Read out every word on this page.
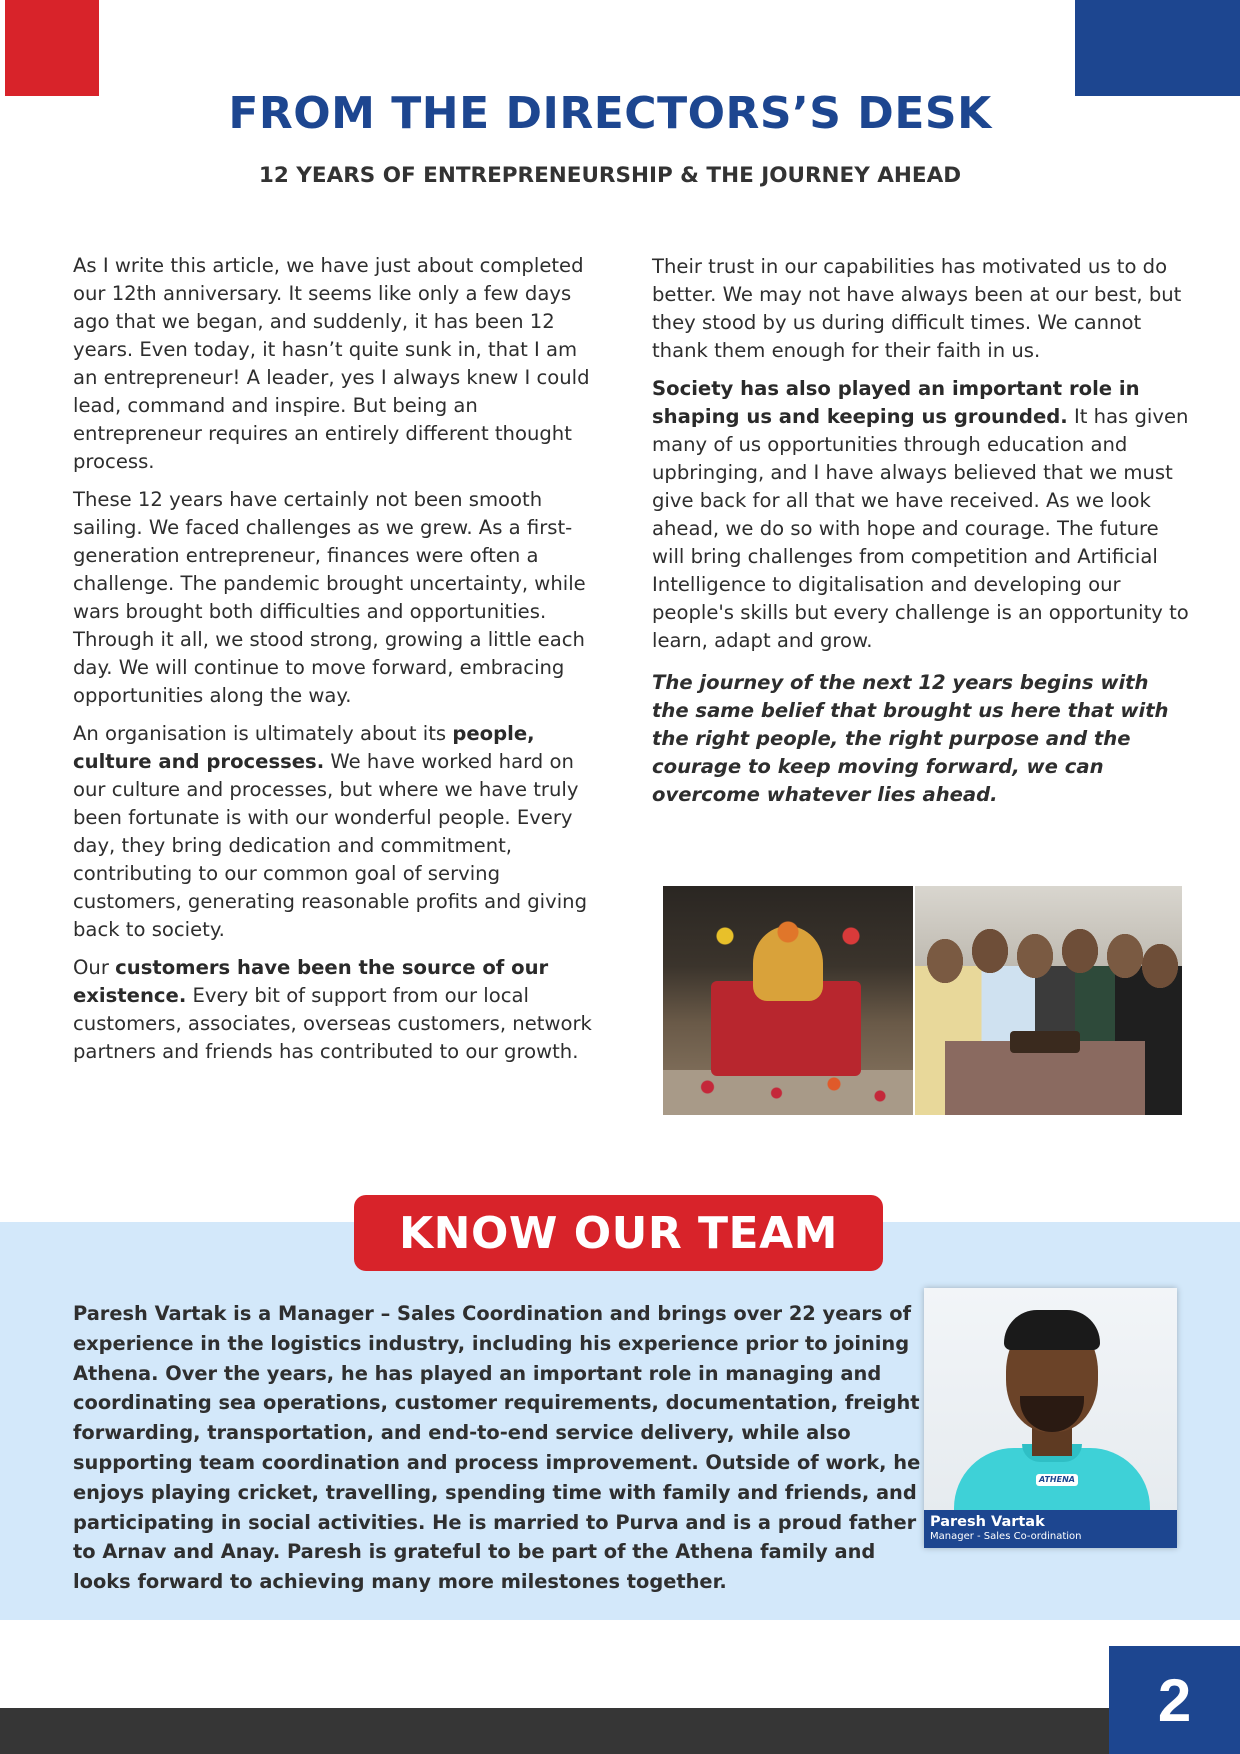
FROM THE DIRECTORS’S DESK
12 YEARS OF ENTREPRENEURSHIP & THE JOURNEY AHEAD

As I write this article, we have just about completed our 12th anniversary. It seems like only a few days ago that we began, and suddenly, it has been 12 years. Even today, it hasn’t quite sunk in, that I am an entrepreneur! A leader, yes I always knew I could lead, command and inspire. But being an entrepreneur requires an entirely different thought process.

These 12 years have certainly not been smooth sailing. We faced challenges as we grew. As a first-generation entrepreneur, finances were often a challenge. The pandemic brought uncertainty, while wars brought both difficulties and opportunities. Through it all, we stood strong, growing a little each day. We will continue to move forward, embracing opportunities along the way.

An organisation is ultimately about its people, culture and processes. We have worked hard on our culture and processes, but where we have truly been fortunate is with our wonderful people. Every day, they bring dedication and commitment, contributing to our common goal of serving customers, generating reasonable profits and giving back to society.

Our customers have been the source of our existence. Every bit of support from our local customers, associates, overseas customers, network partners and friends has contributed to our growth.

Their trust in our capabilities has motivated us to do better. We may not have always been at our best, but they stood by us during difficult times. We cannot thank them enough for their faith in us.

Society has also played an important role in shaping us and keeping us grounded. It has given many of us opportunities through education and upbringing, and I have always believed that we must give back for all that we have received. As we look ahead, we do so with hope and courage. The future will bring challenges from competition and Artificial Intelligence to digitalisation and developing our people's skills but every challenge is an opportunity to learn, adapt and grow.

The journey of the next 12 years begins with the same belief that brought us here that with the right people, the right purpose and the courage to keep moving forward, we can overcome whatever lies ahead.

KNOW OUR TEAM

Paresh Vartak is a Manager – Sales Coordination and brings over 22 years of experience in the logistics industry, including his experience prior to joining Athena. Over the years, he has played an important role in managing and coordinating sea operations, customer requirements, documentation, freight forwarding, transportation, and end-to-end service delivery, while also supporting team coordination and process improvement. Outside of work, he enjoys playing cricket, travelling, spending time with family and friends, and participating in social activities. He is married to Purva and is a proud father to Arnav and Anay. Paresh is grateful to be part of the Athena family and looks forward to achieving many more milestones together.

ATHENA
Paresh Vartak
Manager - Sales Co-ordination
2
